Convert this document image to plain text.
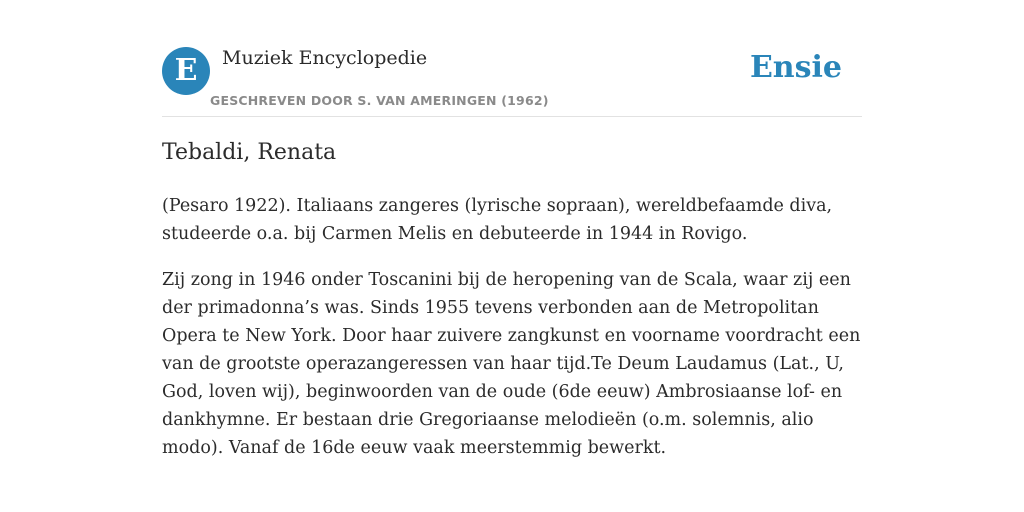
E	Muziek Encyclopedie
GESCHREVEN DOOR S. VAN AMERINGEN (1962)
Ensie
Tebaldi, Renata

(Pesaro 1922). Italiaans zangeres (lyrische sopraan), wereldbefaamde diva, studeerde o.a. bij Carmen Melis en debuteerde in 1944 in Rovigo.

Zij zong in 1946 onder Toscanini bij de heropening van de Scala, waar zij een der primadonna’s was. Sinds 1955 tevens verbonden aan de Metropolitan Opera te New York. Door haar zuivere zangkunst en voorname voordracht een van de grootste operazangeressen van haar tijd.Te Deum Laudamus (Lat., U, God, loven wij), beginwoorden van de oude (6de eeuw) Ambrosiaanse lof- en dankhymne. Er bestaan drie Gregoriaanse melodieën (o.m. solemnis, alio modo). Vanaf de 16de eeuw vaak meerstemmig bewerkt.
